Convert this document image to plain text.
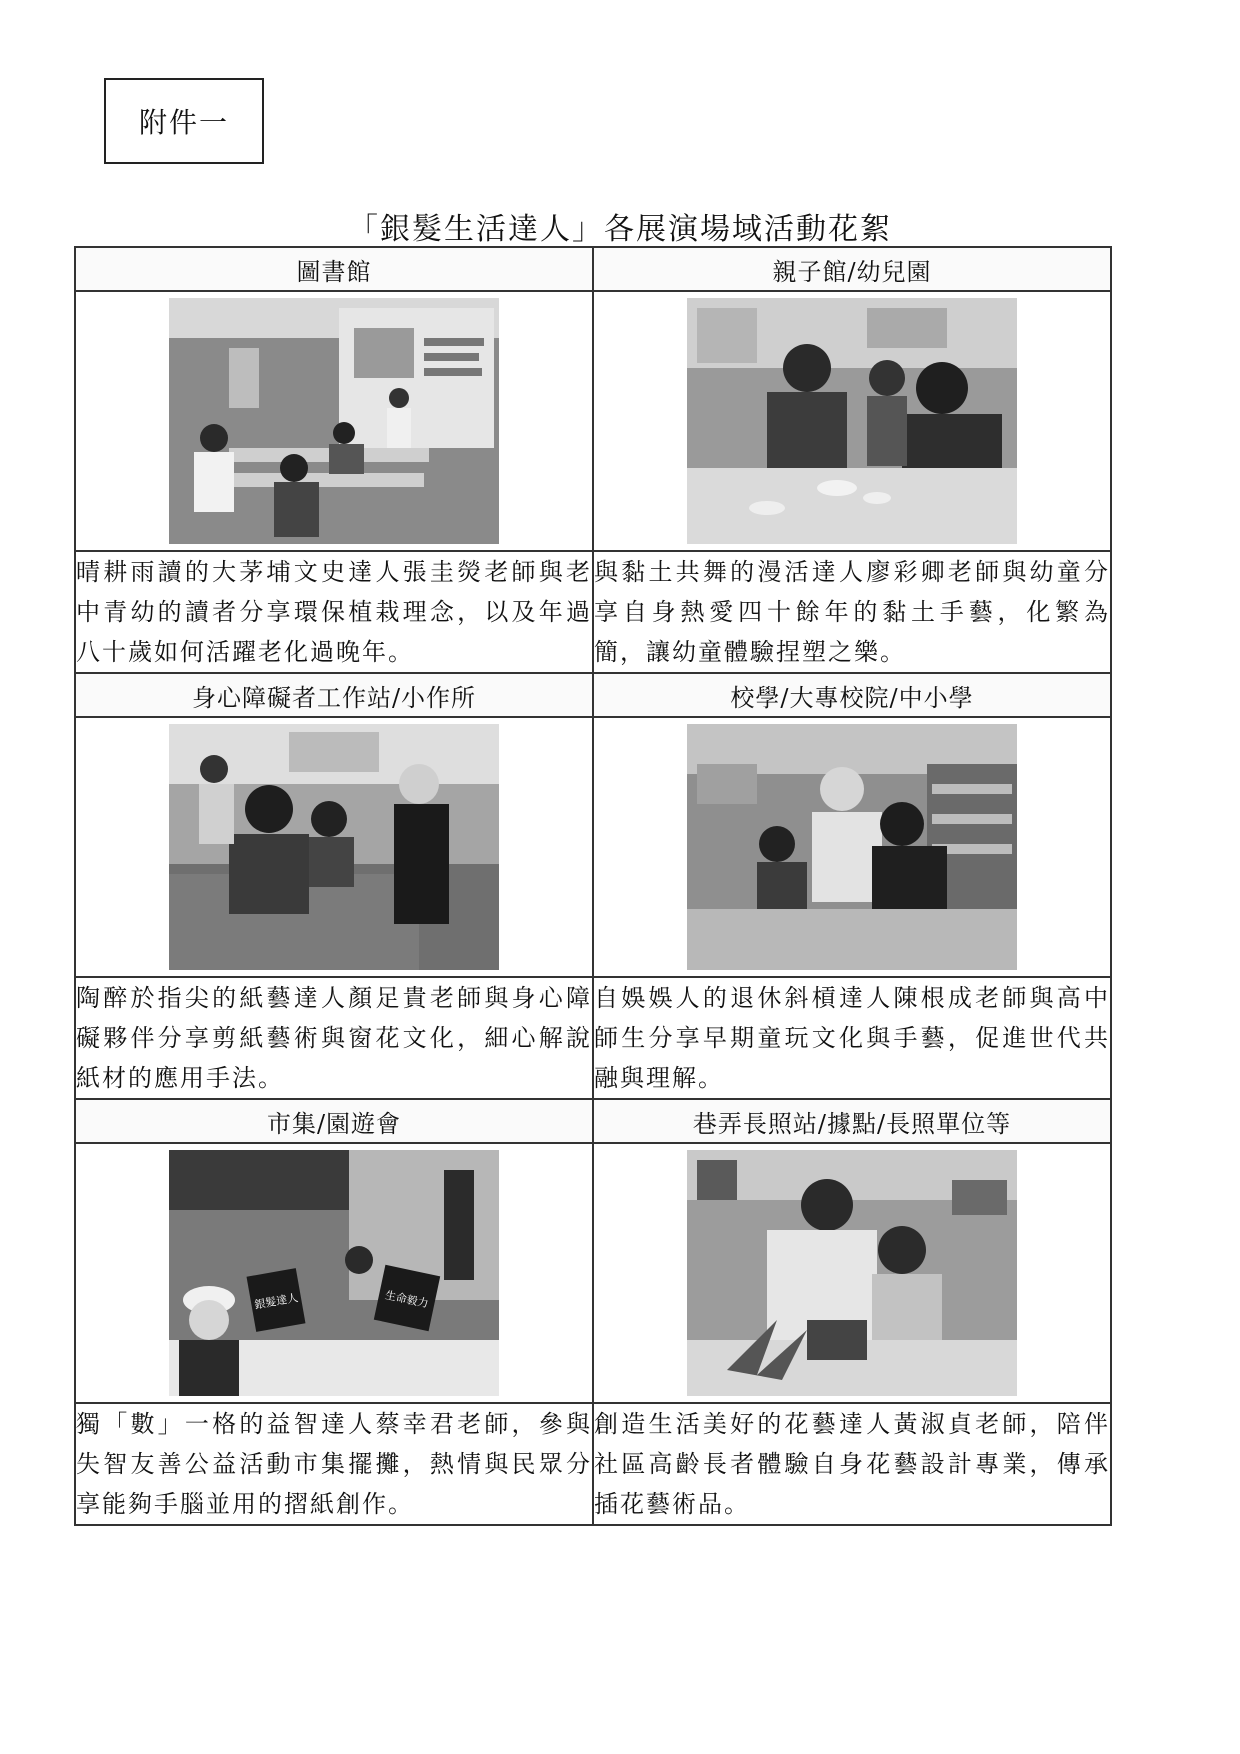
附件一
「銀髮生活達人」各展演場域活動花絮
圖書館	親子館/幼兒園

晴耕雨讀的大茅埔文史達人張圭熒老師與老中青幼的讀者分享環保植栽理念，以及年過八十歲如何活躍老化過晚年。	與黏土共舞的漫活達人廖彩卿老師與幼童分享自身熱愛四十餘年的黏土手藝，化繁為簡，讓幼童體驗捏塑之樂。
身心障礙者工作站/小作所	校學/大專校院/中小學

陶醉於指尖的紙藝達人顏足貴老師與身心障礙夥伴分享剪紙藝術與窗花文化，細心解說紙材的應用手法。	自娛娛人的退休斜槓達人陳根成老師與高中師生分享早期童玩文化與手藝，促進世代共融與理解。
市集/園遊會	巷弄長照站/據點/長照單位等

銀髮達人 生命毅力

獨「數」一格的益智達人蔡幸君老師，參與失智友善公益活動市集擺攤，熱情與民眾分享能夠手腦並用的摺紙創作。	創造生活美好的花藝達人黃淑貞老師，陪伴社區高齡長者體驗自身花藝設計專業，傳承插花藝術品。
